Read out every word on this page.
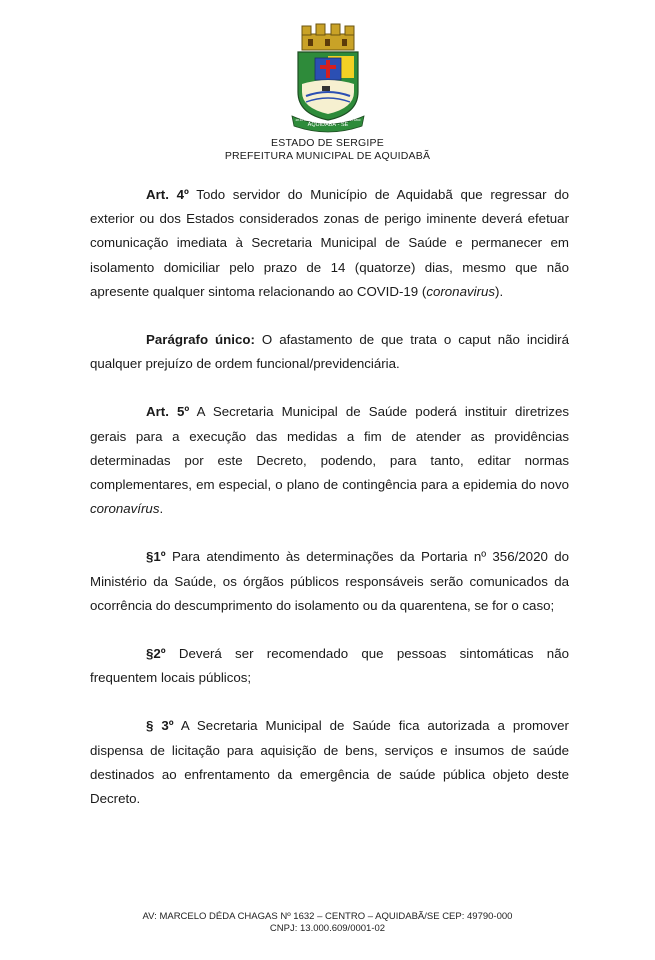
AQUIDABÃ - SE
28.10.1882	28.11.1890
ESTADO DE SERGIPE
PREFEITURA MUNICIPAL DE AQUIDABÃ

Art. 4º Todo servidor do Município de Aquidabã que regressar do exterior ou dos Estados considerados zonas de perigo iminente deverá efetuar comunicação imediata à Secretaria Municipal de Saúde e permanecer em isolamento domiciliar pelo prazo de 14 (quatorze) dias, mesmo que não apresente qualquer sintoma relacionando ao COVID-19 (coronavirus).

Parágrafo único: O afastamento de que trata o caput não incidirá qualquer prejuízo de ordem funcional/previdenciária.

Art. 5º A Secretaria Municipal de Saúde poderá instituir diretrizes gerais para a execução das medidas a fim de atender as providências determinadas por este Decreto, podendo, para tanto, editar normas complementares, em especial, o plano de contingência para a epidemia do novo coronavírus.

§1º Para atendimento às determinações da Portaria nº 356/2020 do Ministério da Saúde, os órgãos públicos responsáveis serão comunicados da ocorrência do descumprimento do isolamento ou da quarentena, se for o caso;

§2º Deverá ser recomendado que pessoas sintomáticas não frequentem locais públicos;

§ 3º A Secretaria Municipal de Saúde fica autorizada a promover dispensa de licitação para aquisição de bens, serviços e insumos de saúde destinados ao enfrentamento da emergência de saúde pública objeto deste Decreto.

AV: MARCELO DÉDA CHAGAS Nº 1632 – CENTRO – AQUIDABÃ/SE CEP: 49790-000
CNPJ: 13.000.609/0001-02
